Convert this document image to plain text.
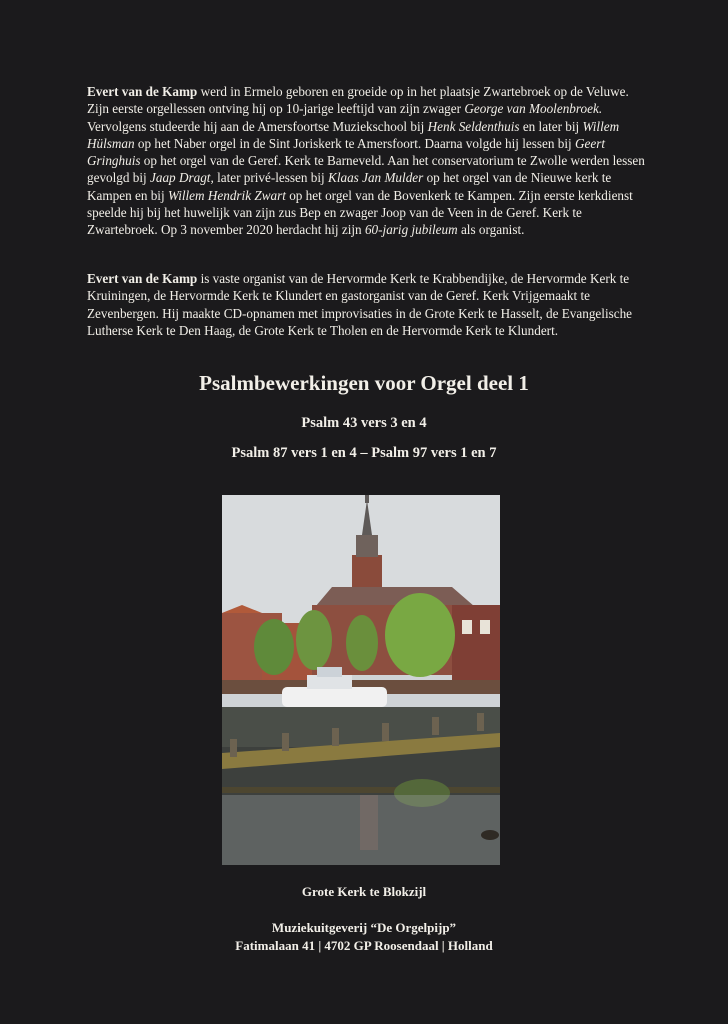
Evert van de Kamp werd in Ermelo geboren en groeide op in het plaatsje Zwartebroek op de Veluwe. Zijn eerste orgellessen ontving hij op 10-jarige leeftijd van zijn zwager George van Moolenbroek. Vervolgens studeerde hij aan de Amersfoortse Muziekschool bij Henk Seldenthuis en later bij Willem Hülsman op het Naber orgel in de Sint Joriskerk te Amersfoort. Daarna volgde hij lessen bij Geert Gringhuis op het orgel van de Geref. Kerk te Barneveld. Aan het conservatorium te Zwolle werden lessen gevolgd bij Jaap Dragt, later privé-lessen bij Klaas Jan Mulder op het orgel van de Nieuwe kerk te Kampen en bij Willem Hendrik Zwart op het orgel van de Bovenkerk te Kampen. Zijn eerste kerkdienst speelde hij bij het huwelijk van zijn zus Bep en zwager Joop van de Veen in de Geref. Kerk te Zwartebroek. Op 3 november 2020 herdacht hij zijn 60-jarig jubileum als organist.
Evert van de Kamp is vaste organist van de Hervormde Kerk te Krabbendijke, de Hervormde Kerk te Kruiningen, de Hervormde Kerk te Klundert en gastorganist van de Geref. Kerk Vrijgemaakt te Zevenbergen. Hij maakte CD-opnamen met improvisaties in de Grote Kerk te Hasselt, de Evangelische Lutherse Kerk te Den Haag, de Grote Kerk te Tholen en de Hervormde Kerk te Klundert.
Psalmbewerkingen voor Orgel deel 1
Psalm 43 vers 3 en 4
Psalm 87 vers 1 en 4 – Psalm 97 vers 1 en 7
Grote Kerk te Blokzijl
Muziekuitgeverij “De Orgelpijp”
Fatimalaan 41 | 4702 GP Roosendaal | Holland
